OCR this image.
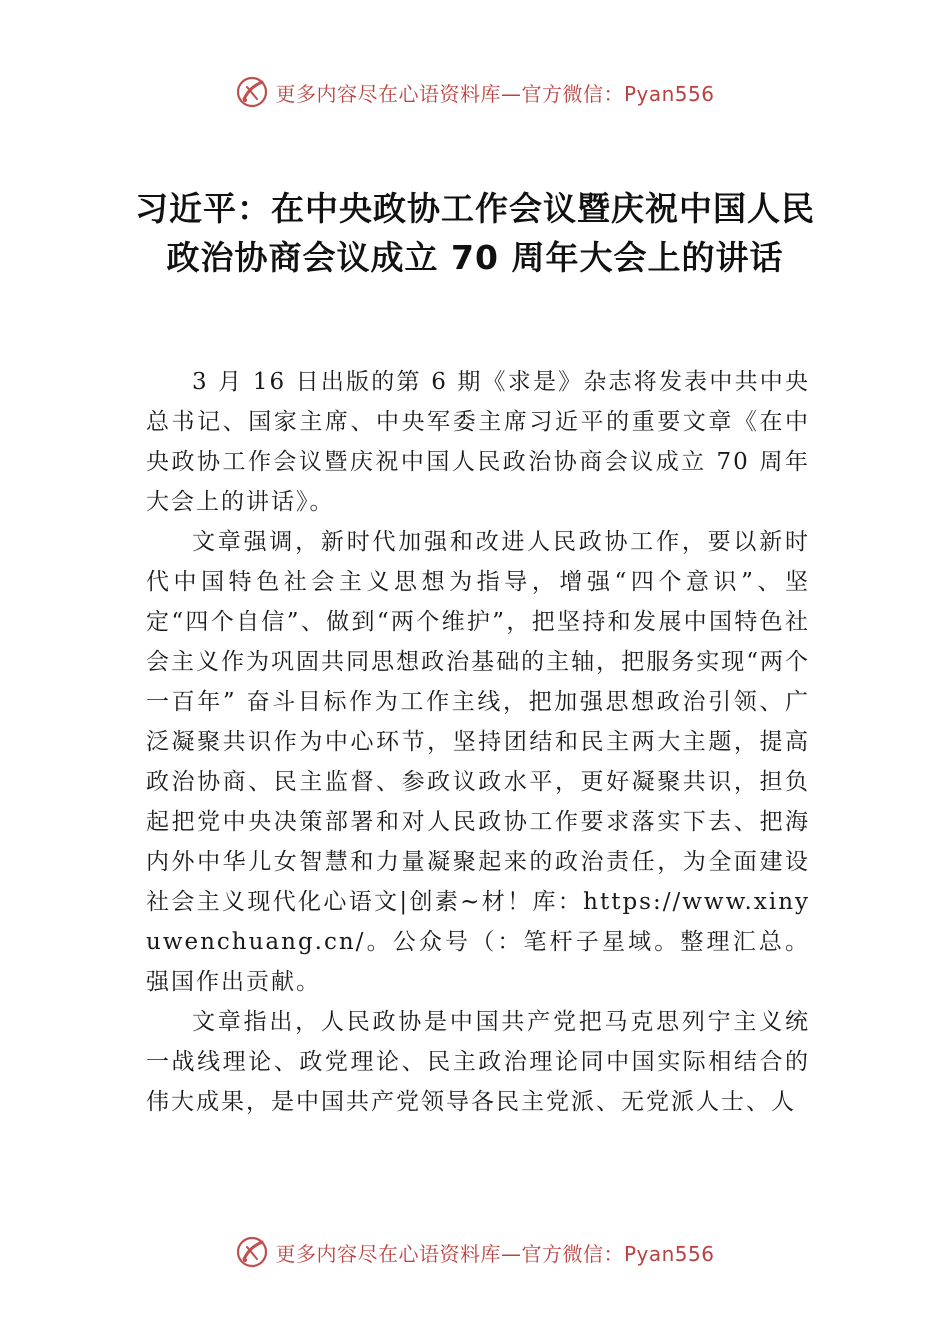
更多内容尽在心语资料库—官方微信：Pyan556
习近平：在中央政协工作会议暨庆祝中国人民政治协商会议成立 70 周年大会上的讲话

3 月 16 日出版的第 6 期《求是》杂志将发表中共中央总书记、国家主席、中央军委主席习近平的重要文章《在中央政协工作会议暨庆祝中国人民政治协商会议成立 70 周年大会上的讲话》。

文章强调，新时代加强和改进人民政协工作，要以新时代中国特色社会主义思想为指导，增强“四个意识”、坚定“四个自信”、做到“两个维护”，把坚持和发展中国特色社会主义作为巩固共同思想政治基础的主轴，把服务实现“两个一百年” 奋斗目标作为工作主线，把加强思想政治引领、广泛凝聚共识作为中心环节，坚持团结和民主两大主题，提高政治协商、民主监督、参政议政水平，更好凝聚共识，担负起把党中央决策部署和对人民政协工作要求落实下去、把海内外中华儿女智慧和力量凝聚起来的政治责任，为全面建设社会主义现代化心语文|创素~材！库：https://www.xinyuwenchuang.cn/。公众号（：笔杆子星域。整理汇总。强国作出贡献。

文章指出，人民政协是中国共产党把马克思列宁主义统一战线理论、政党理论、民主政治理论同中国实际相结合的伟大成果，是中国共产党领导各民主党派、无党派人士、人

更多内容尽在心语资料库—官方微信：Pyan556
